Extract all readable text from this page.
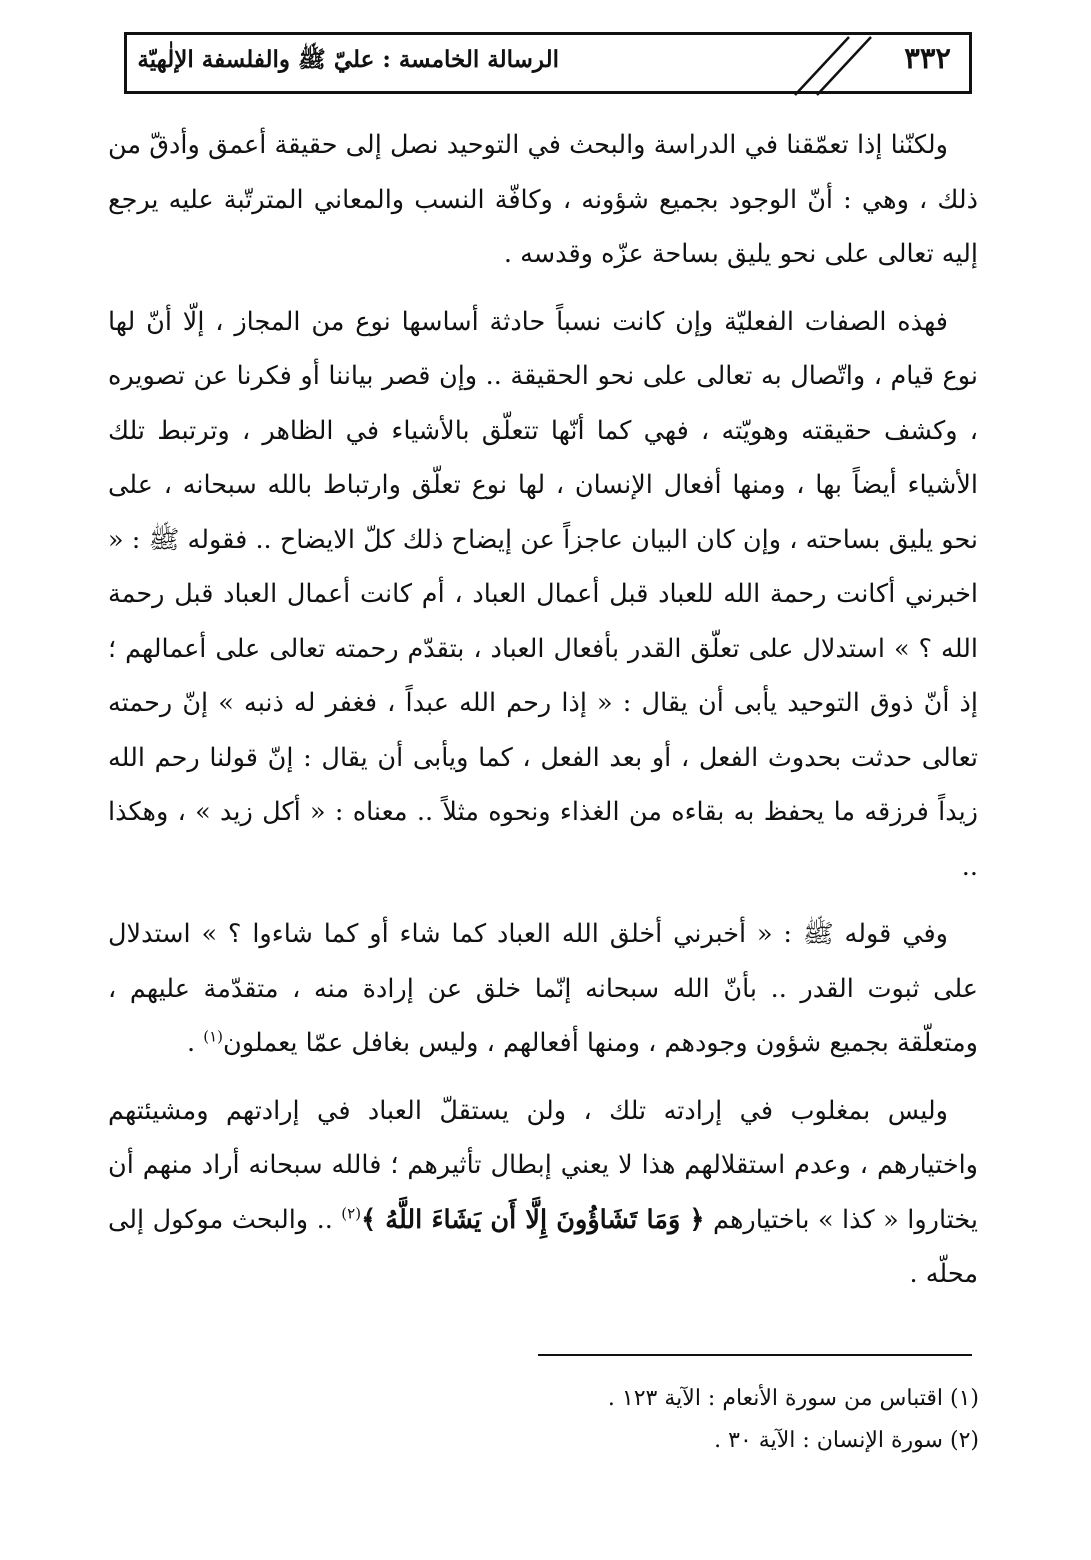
٣٣٢
الرسالة الخامسة : عليّ ﷺ والفلسفة الإلٰهيّة

ولكنّنا إذا تعمّقنا في الدراسة والبحث في التوحيد نصل إلى حقيقة أعمق وأدقّ من ذلك ، وهي : أنّ الوجود بجميع شؤونه ، وكافّة النسب والمعاني المترتّبة عليه يرجع إليه تعالى على نحو يليق بساحة عزّه وقدسه .

فهذه الصفات الفعليّة وإن كانت نسباً حادثة أساسها نوع من المجاز ، إلّا أنّ لها نوع قيام ، واتّصال به تعالى على نحو الحقيقة .. وإن قصر بياننا أو فكرنا عن تصويره ، وكشف حقيقته وهويّته ، فهي كما أنّها تتعلّق بالأشياء في الظاهر ، وترتبط تلك الأشياء أيضاً بها ، ومنها أفعال الإنسان ، لها نوع تعلّق وارتباط بالله سبحانه ، على نحو يليق بساحته ، وإن كان البيان عاجزاً عن إيضاح ذلك كلّ الايضاح .. فقوله ﷺ : « اخبرني أكانت رحمة الله للعباد قبل أعمال العباد ، أم كانت أعمال العباد قبل رحمة الله ؟ » استدلال على تعلّق القدر بأفعال العباد ، بتقدّم رحمته تعالى على أعمالهم ؛ إذ أنّ ذوق التوحيد يأبى أن يقال : « إذا رحم الله عبداً ، فغفر له ذنبه » إنّ رحمته تعالى حدثت بحدوث الفعل ، أو بعد الفعل ، كما ويأبى أن يقال : إنّ قولنا رحم الله زيداً فرزقه ما يحفظ به بقاءه من الغذاء ونحوه مثلاً .. معناه : « أكل زيد » ، وهكذا ..

وفي قوله ﷺ : « أخبرني أخلق الله العباد كما شاء أو كما شاءوا ؟ » استدلال على ثبوت القدر .. بأنّ الله سبحانه إنّما خلق عن إرادة منه ، متقدّمة عليهم ، ومتعلّقة بجميع شؤون وجودهم ، ومنها أفعالهم ، وليس بغافل عمّا يعملون$^{(١)}$ .

وليس بمغلوب في إرادته تلك ، ولن يستقلّ العباد في إرادتهم ومشيئتهم واختيارهم ، وعدم استقلالهم هذا لا يعني إبطال تأثيرهم ؛ فالله سبحانه أراد منهم أن يختاروا « كذا » باختيارهم ﴿ وَمَا تَشَاؤُونَ إِلَّا أَن يَشَاءَ اللَّهُ ﴾$^{(٢)}$ .. والبحث موكول إلى محلّه .

(١) اقتباس من سورة الأنعام : الآية ١٢٣ .
(٢) سورة الإنسان : الآية ٣٠ .
